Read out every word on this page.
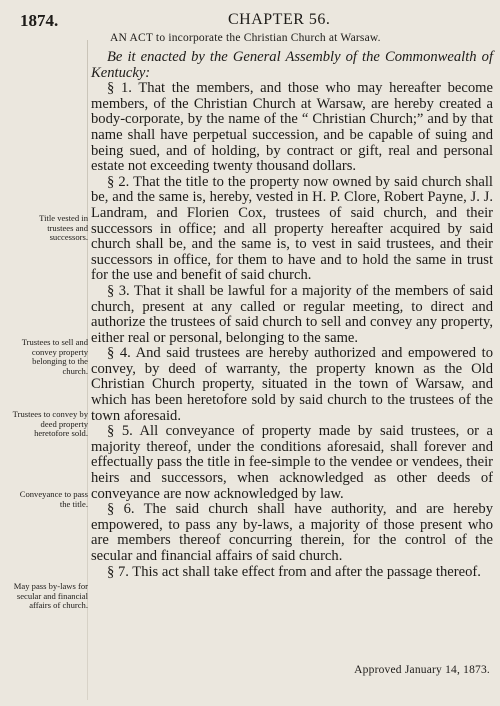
1874.	CHAPTER 56.
AN ACT to incorporate the Christian Church at Warsaw.
Title vested in trustees and successors.
Trustees to sell and convey property belonging to the church.
Trustees to convey by deed property heretofore sold.
Conveyance to pass the title.
May pass by-laws for secular and financial affairs of church.

Be it enacted by the General Assembly of the Commonwealth of Kentucky:

§ 1. That the members, and those who may hereafter become members, of the Christian Church at Warsaw, are hereby created a body-corporate, by the name of the “ Christian Church;” and by that name shall have perpetual succession, and be capable of suing and being sued, and of holding, by contract or gift, real and personal estate not exceeding twenty thousand dollars.

§ 2. That the title to the property now owned by said church shall be, and the same is, hereby, vested in H. P. Clore, Robert Payne, J. J. Landram, and Florien Cox, trustees of said church, and their successors in office; and all property hereafter acquired by said church shall be, and the same is, to vest in said trustees, and their successors in office, for them to have and to hold the same in trust for the use and benefit of said church.

§ 3. That it shall be lawful for a majority of the members of said church, present at any called or regular meeting, to direct and authorize the trustees of said church to sell and convey any property, either real or personal, belonging to the same.

§ 4. And said trustees are hereby authorized and empowered to convey, by deed of warranty, the property known as the Old Christian Church property, situated in the town of Warsaw, and which has been heretofore sold by said church to the trustees of the town aforesaid.

§ 5. All conveyance of property made by said trustees, or a majority thereof, under the conditions aforesaid, shall forever and effectually pass the title in fee-simple to the vendee or vendees, their heirs and successors, when acknowledged as other deeds of conveyance are now acknowledged by law.

§ 6. The said church shall have authority, and are hereby empowered, to pass any by-laws, a majority of those present who are members thereof concurring therein, for the control of the secular and financial affairs of said church.

§ 7. This act shall take effect from and after the passage thereof.

Approved January 14, 1873.
